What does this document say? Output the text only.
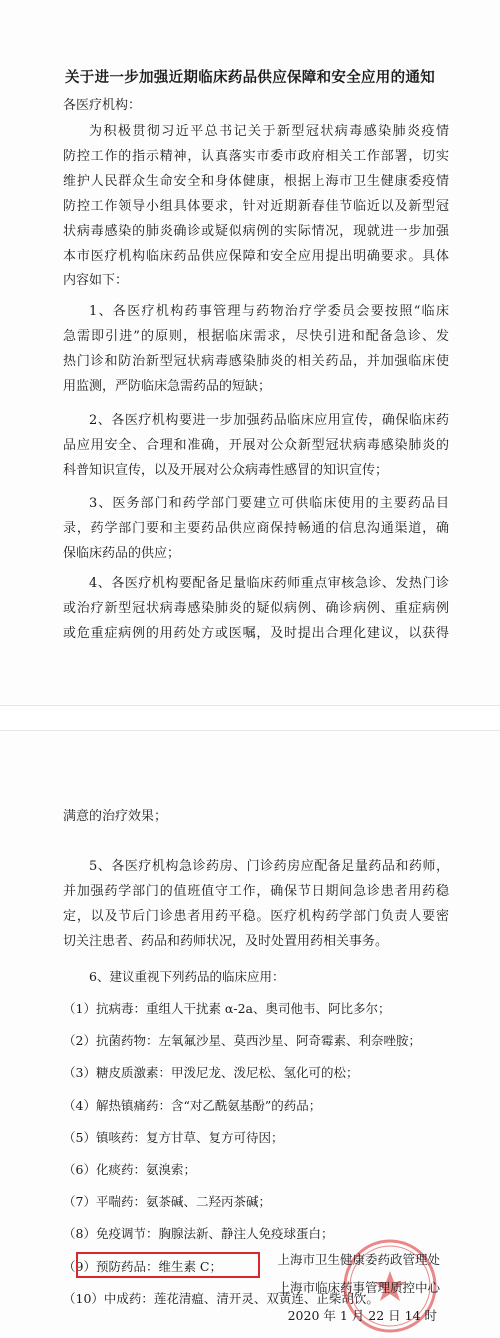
关于进一步加强近期临床药品供应保障和安全应用的通知
各医疗机构：
为积极贯彻习近平总书记关于新型冠状病毒感染肺炎疫情
防控工作的指示精神，认真落实市委市政府相关工作部署，切实
维护人民群众生命安全和身体健康，根据上海市卫生健康委疫情
防控工作领导小组具体要求，针对近期新春佳节临近以及新型冠
状病毒感染的肺炎确诊或疑似病例的实际情况，现就进一步加强
本市医疗机构临床药品供应保障和安全应用提出明确要求。具体
内容如下：
1、各医疗机构药事管理与药物治疗学委员会要按照“临床
急需即引进”的原则，根据临床需求，尽快引进和配备急诊、发
热门诊和防治新型冠状病毒感染肺炎的相关药品，并加强临床使
用监测，严防临床急需药品的短缺；
2、各医疗机构要进一步加强药品临床应用宣传，确保临床药
品应用安全、合理和准确，开展对公众新型冠状病毒感染肺炎的
科普知识宣传，以及开展对公众病毒性感冒的知识宣传；
3、医务部门和药学部门要建立可供临床使用的主要药品目
录，药学部门要和主要药品供应商保持畅通的信息沟通渠道，确
保临床药品的供应；
4、各医疗机构要配备足量临床药师重点审核急诊、发热门诊
或治疗新型冠状病毒感染肺炎的疑似病例、确诊病例、重症病例
或危重症病例的用药处方或医嘱，及时提出合理化建议，以获得
满意的治疗效果；
5、各医疗机构急诊药房、门诊药房应配备足量药品和药师，
并加强药学部门的值班值守工作，确保节日期间急诊患者用药稳
定，以及节后门诊患者用药平稳。医疗机构药学部门负责人要密
切关注患者、药品和药师状况，及时处置用药相关事务。
6、建议重视下列药品的临床应用：
（1）抗病毒：重组人干扰素 α-2a、奥司他韦、阿比多尔；
（2）抗菌药物：左氧氟沙星、莫西沙星、阿奇霉素、利奈唑胺；
（3）糖皮质激素：甲泼尼龙、泼尼松、氢化可的松；
（4）解热镇痛药：含“对乙酰氨基酚”的药品；
（5）镇咳药：复方甘草、复方可待因；
（6）化痰药：氨溴索；
（7）平喘药：氨茶碱、二羟丙茶碱；
（8）免疫调节：胸腺法新、静注人免疫球蛋白；
（9）预防药品：维生素 C；
（10）中成药：莲花清瘟、清开灵、双黄连、正柴胡饮。
上海市卫生健康委药政管理处
上海市临床药事管理质控中心
2020 年 1 月 22 日 14 时
